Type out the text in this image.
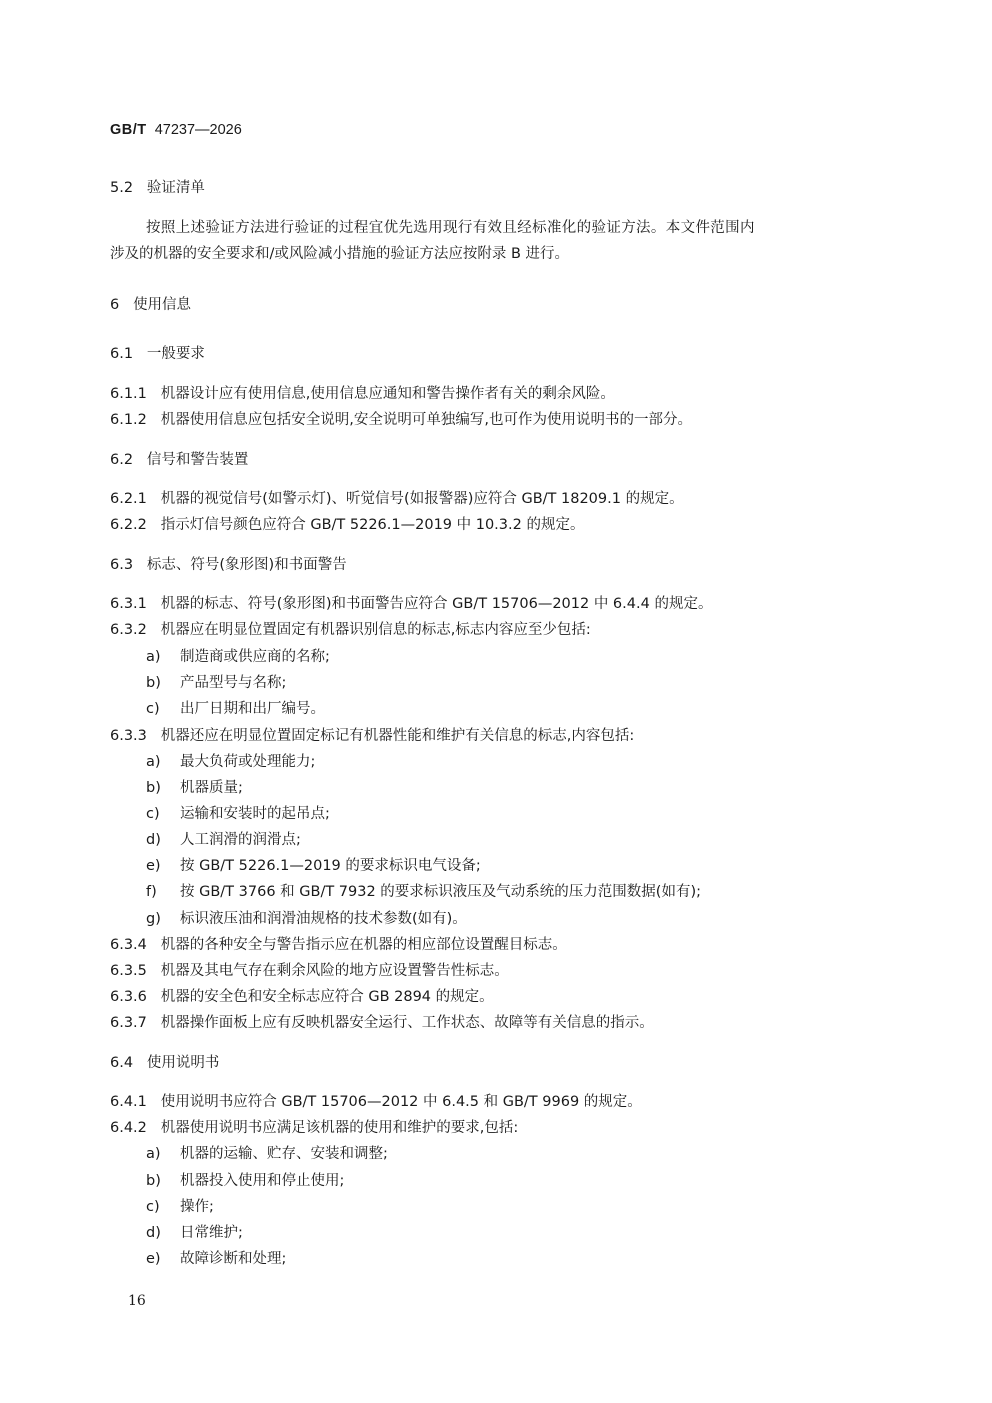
GB/T 47237—2026
5.2 验证清单
按照上述验证方法进行验证的过程宜优先选用现行有效且经标准化的验证方法。本文件范围内
涉及的机器的安全要求和/或风险减小措施的验证方法应按附录 B 进行。
6 使用信息
6.1 一般要求
6.1.1 机器设计应有使用信息,使用信息应通知和警告操作者有关的剩余风险。
6.1.2 机器使用信息应包括安全说明,安全说明可单独编写,也可作为使用说明书的一部分。
6.2 信号和警告装置
6.2.1 机器的视觉信号(如警示灯)、听觉信号(如报警器)应符合 GB/T 18209.1 的规定。
6.2.2 指示灯信号颜色应符合 GB/T 5226.1—2019 中 10.3.2 的规定。
6.3 标志、符号(象形图)和书面警告
6.3.1 机器的标志、符号(象形图)和书面警告应符合 GB/T 15706—2012 中 6.4.4 的规定。
6.3.2 机器应在明显位置固定有机器识别信息的标志,标志内容应至少包括:
a) 制造商或供应商的名称;
b) 产品型号与名称;
c) 出厂日期和出厂编号。
6.3.3 机器还应在明显位置固定标记有机器性能和维护有关信息的标志,内容包括:
a) 最大负荷或处理能力;
b) 机器质量;
c) 运输和安装时的起吊点;
d) 人工润滑的润滑点;
e) 按 GB/T 5226.1—2019 的要求标识电气设备;
f) 按 GB/T 3766 和 GB/T 7932 的要求标识液压及气动系统的压力范围数据(如有);
g) 标识液压油和润滑油规格的技术参数(如有)。
6.3.4 机器的各种安全与警告指示应在机器的相应部位设置醒目标志。
6.3.5 机器及其电气存在剩余风险的地方应设置警告性标志。
6.3.6 机器的安全色和安全标志应符合 GB 2894 的规定。
6.3.7 机器操作面板上应有反映机器安全运行、工作状态、故障等有关信息的指示。
6.4 使用说明书
6.4.1 使用说明书应符合 GB/T 15706—2012 中 6.4.5 和 GB/T 9969 的规定。
6.4.2 机器使用说明书应满足该机器的使用和维护的要求,包括:
a) 机器的运输、贮存、安装和调整;
b) 机器投入使用和停止使用;
c) 操作;
d) 日常维护;
e) 故障诊断和处理;
16
